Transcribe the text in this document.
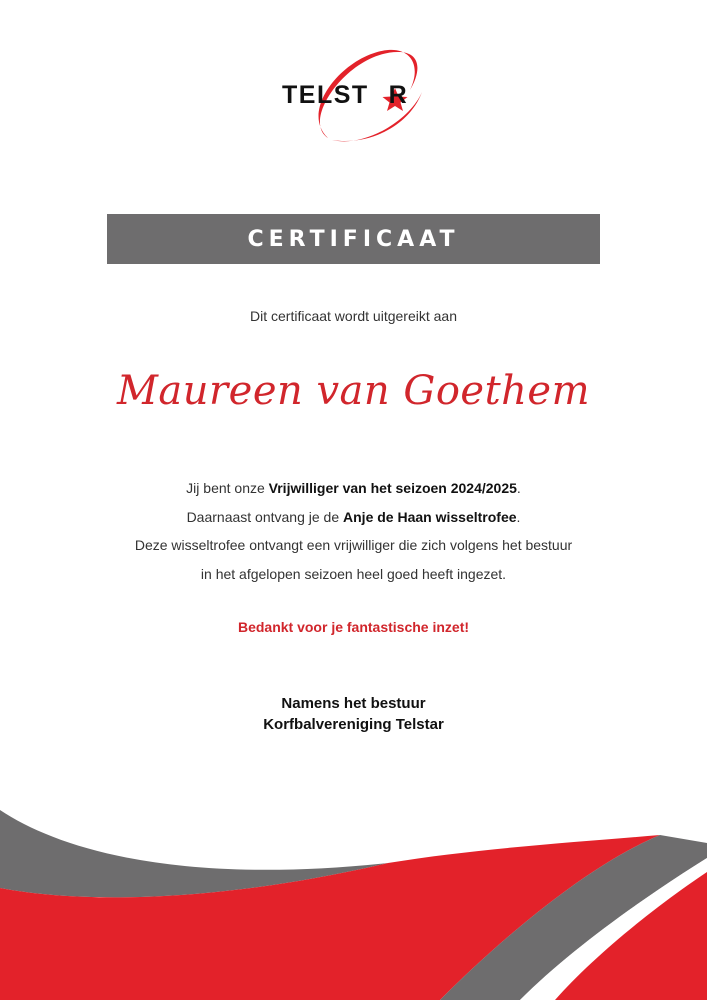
TELST R
CERTIFICAAT
Dit certificaat wordt uitgereikt aan
Maureen van Goethem
Jij bent onze Vrijwilliger van het seizoen 2024/2025.
Daarnaast ontvang je de Anje de Haan wisseltrofee.
Deze wisseltrofee ontvangt een vrijwilliger die zich volgens het bestuur
in het afgelopen seizoen heel goed heeft ingezet.
Bedankt voor je fantastische inzet!
Namens het bestuur
Korfbalvereniging Telstar
